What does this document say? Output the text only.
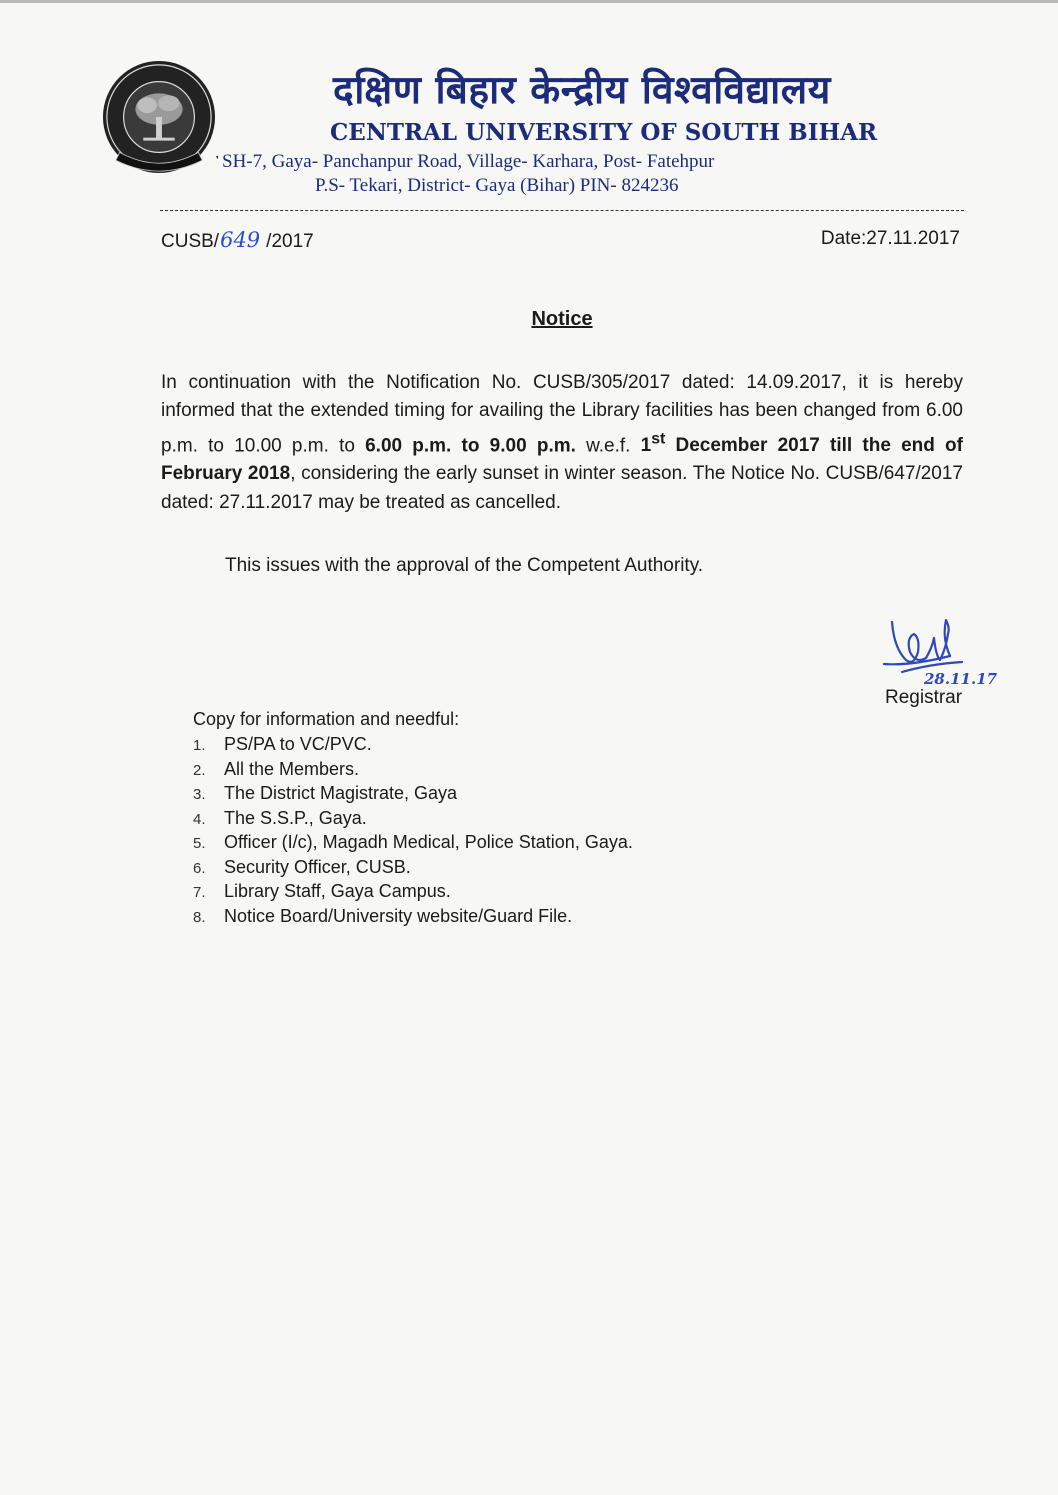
दक्षिण बिहार केन्द्रीय विश्वविद्यालय
CENTRAL UNIVERSITY OF SOUTH BIHAR
SH-7, Gaya- Panchanpur Road, Village- Karhara, Post- Fatehpur
P.S- Tekari, District- Gaya (Bihar) PIN- 824236
CUSB/649 /2017	Date:27.11.2017
Notice
In continuation with the Notification No. CUSB/305/2017 dated: 14.09.2017, it is hereby informed that the extended timing for availing the Library facilities has been changed from 6.00 p.m. to 10.00 p.m. to 6.00 p.m. to 9.00 p.m. w.e.f. 1st December 2017 till the end of February 2018, considering the early sunset in winter season. The Notice No. CUSB/647/2017 dated: 27.11.2017 may be treated as cancelled.
This issues with the approval of the Competent Authority.
28.11.17
Registrar
Copy for information and needful:
1. PS/PA to VC/PVC.
2. All the Members.
3. The District Magistrate, Gaya
4. The S.S.P., Gaya.
5. Officer (I/c), Magadh Medical, Police Station, Gaya.
6. Security Officer, CUSB.
7. Library Staff, Gaya Campus.
8. Notice Board/University website/Guard File.
